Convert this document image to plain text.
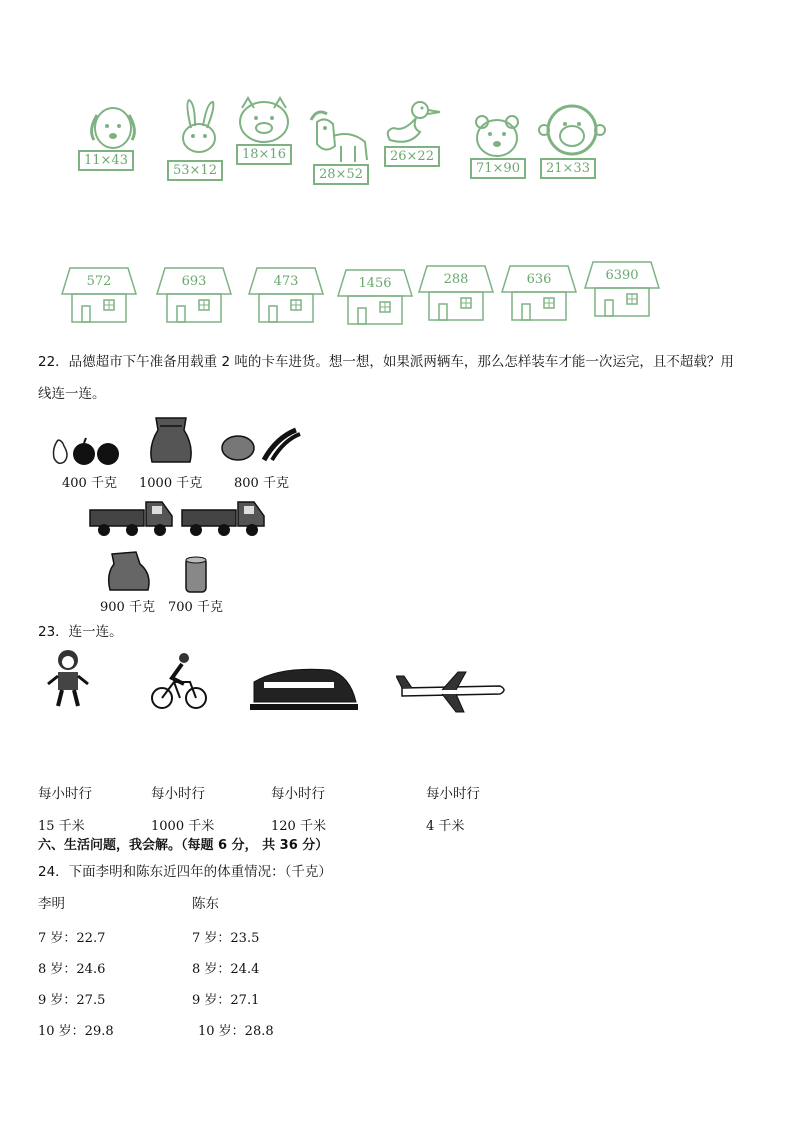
11×43
53×12
18×16
28×52
26×22
71×90	21×33
572	693	473	1456	288	636	6390
22．品德超市下午准备用载重 2 吨的卡车进货。想一想，如果派两辆车，那么怎样装车才能一次运完，且不超载？用
线连一连。
400 千克 1000 千克 800 千克
900 千克 700 千克
23．连一连。
每小时行	每小时行	每小时行	每小时行
15 千米	1000 千米	120 千米	4 千米
六、生活问题，我会解。（每题 6 分， 共 36 分）
24．下面李明和陈东近四年的体重情况：（千克）
李明	陈东
7 岁：22.7	7 岁：23.5
8 岁：24.6	8 岁：24.4
9 岁：27.5	9 岁：27.1
10 岁：29.8	10 岁：28.8
